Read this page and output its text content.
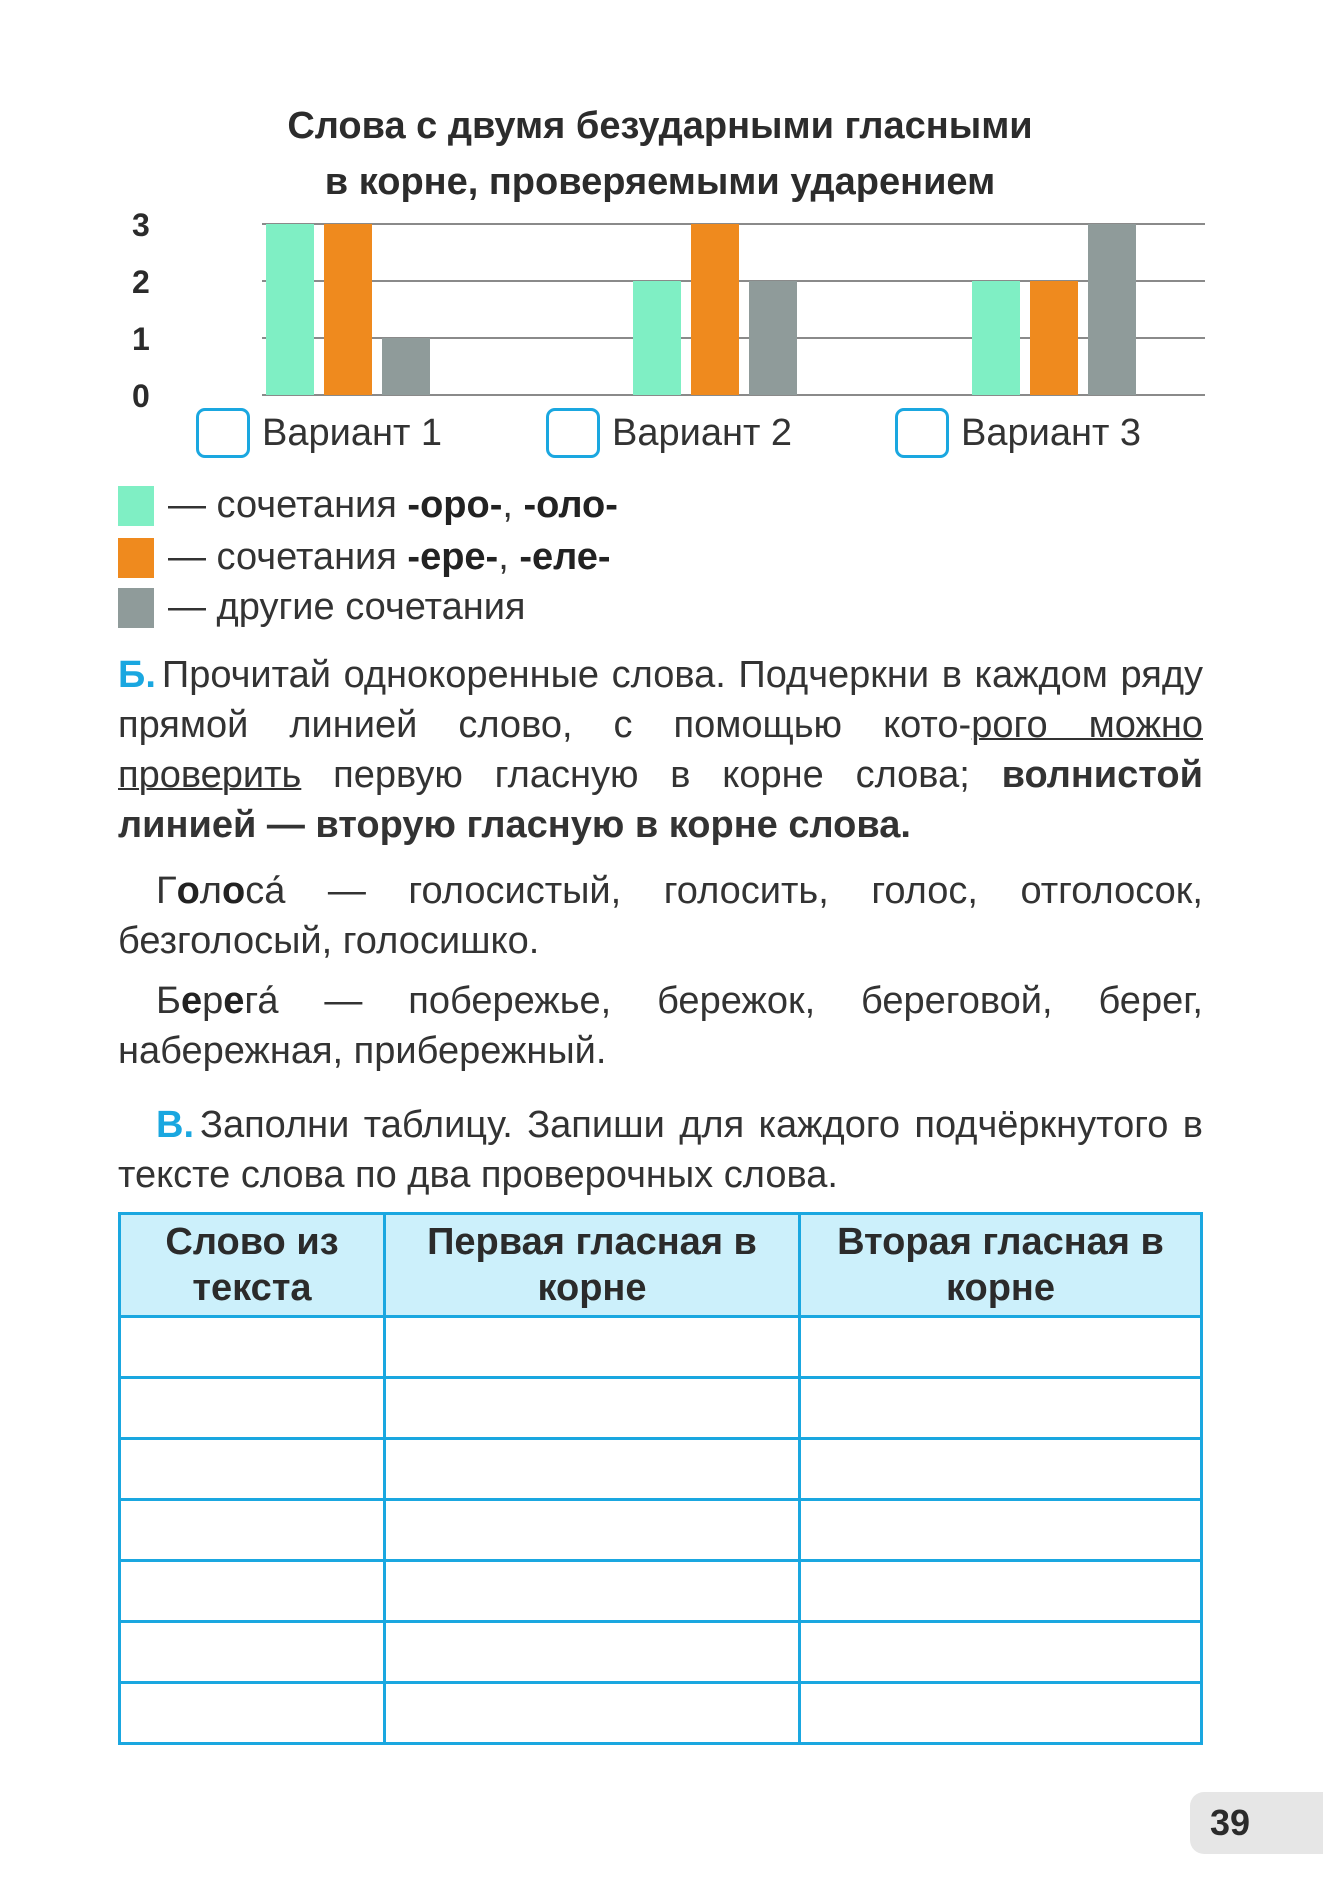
Слова с двумя безударными гласными
в корне, проверяемыми ударением
0
1
2
3
Вариант 1	Вариант 2	Вариант 3
— сочетания -оро-, -оло-
— сочетания -ере-, -еле-
— другие сочетания
Б. Прочитай однокоренные слова. Подчеркни в каждом ряду прямой линией слово, с помощью кото-рого можно проверить первую гласную в корне слова; волнистой линией — вторую гласную в корне слова.
Голоса́ — голосистый, голосить, голос, отголосок, безголосый, голосишко.
Берега́ — побережье, бережок, береговой, берег, набережная, прибережный.
В. Заполни таблицу. Запиши для каждого подчёркнутого в тексте слова по два проверочных слова.
Слово из текста	Первая гласная в корне	Вторая гласная в корне

39
